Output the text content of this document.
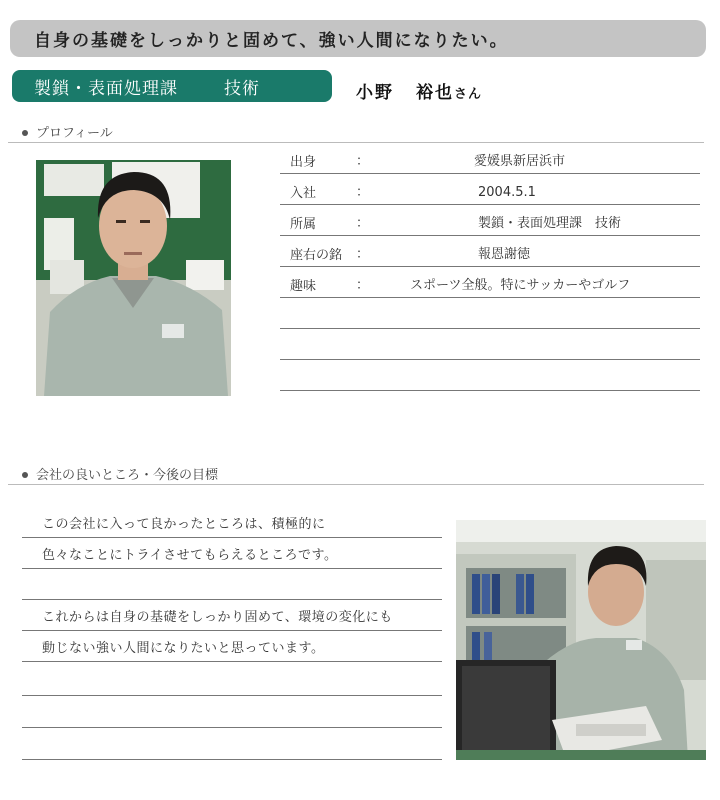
自身の基礎をしっかりと固めて、強い人間になりたい。
製鎖・表面処理課	技術	小野 裕也さん
プロフィール
出身	：	愛媛県新居浜市
入社	：	2004.5.1
所属	：	製鎖・表面処理課　技術
座右の銘 ：	報恩謝徳
趣味	：	スポーツ全般。特にサッカーやゴルフ
会社の良いところ・今後の目標
この会社に入って良かったところは、積極的に
色々なことにトライさせてもらえるところです。
これからは自身の基礎をしっかり固めて、環境の変化にも
動じない強い人間になりたいと思っています。
